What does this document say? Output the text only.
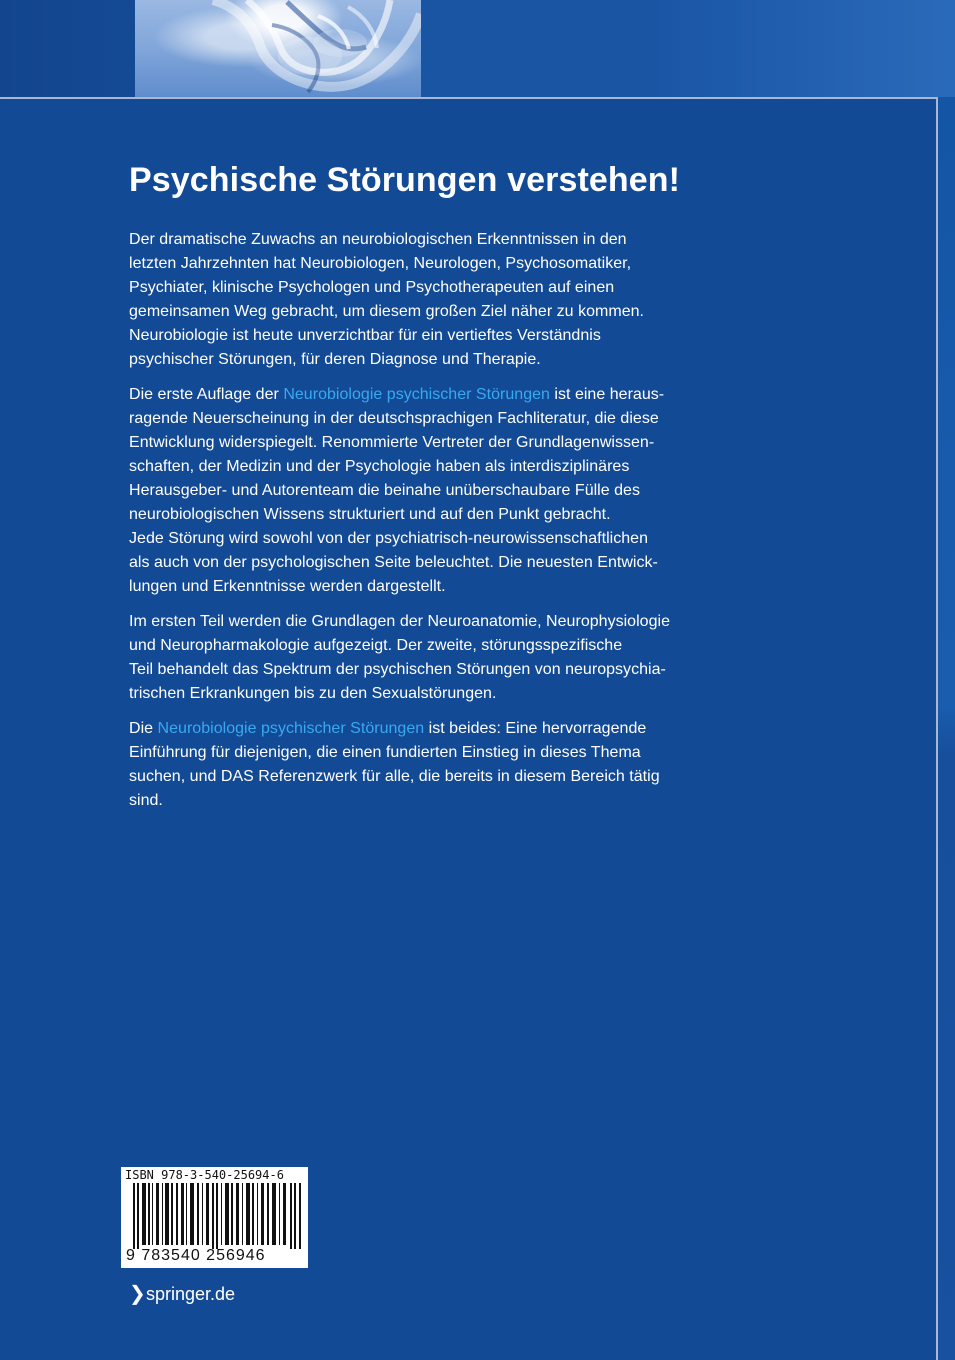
Psychische Störungen verstehen!

Der dramatische Zuwachs an neurobiologischen Erkenntnissen in den
letzten Jahrzehnten hat Neurobiologen, Neurologen, Psychosomatiker,
Psychiater, klinische Psychologen und Psychotherapeuten auf einen
gemeinsamen Weg gebracht, um diesem großen Ziel näher zu kommen.
Neurobiologie ist heute unverzichtbar für ein vertieftes Verständnis
psychischer Störungen, für deren Diagnose und Therapie.

Die erste Auflage der Neurobiologie psychischer Störungen ist eine heraus-
ragende Neuerscheinung in der deutschsprachigen Fachliteratur, die diese
Entwicklung widerspiegelt. Renommierte Vertreter der Grundlagenwissen-
schaften, der Medizin und der Psychologie haben als interdisziplinäres
Herausgeber- und Autorenteam die beinahe unüberschaubare Fülle des
neurobiologischen Wissens strukturiert und auf den Punkt gebracht.
Jede Störung wird sowohl von der psychiatrisch-neurowissenschaftlichen
als auch von der psychologischen Seite beleuchtet. Die neuesten Entwick-
lungen und Erkenntnisse werden dargestellt.

Im ersten Teil werden die Grundlagen der Neuroanatomie, Neurophysiologie
und Neuropharmakologie aufgezeigt. Der zweite, störungsspezifische
Teil behandelt das Spektrum der psychischen Störungen von neuropsychia-
trischen Erkrankungen bis zu den Sexualstörungen.

Die Neurobiologie psychischer Störungen ist beides: Eine hervorragende
Einführung für diejenigen, die einen fundierten Einstieg in dieses Thema
suchen, und DAS Referenzwerk für alle, die bereits in diesem Bereich tätig
sind.

ISBN 978-3-540-25694-6
9 783540 256946
❯springer.de
